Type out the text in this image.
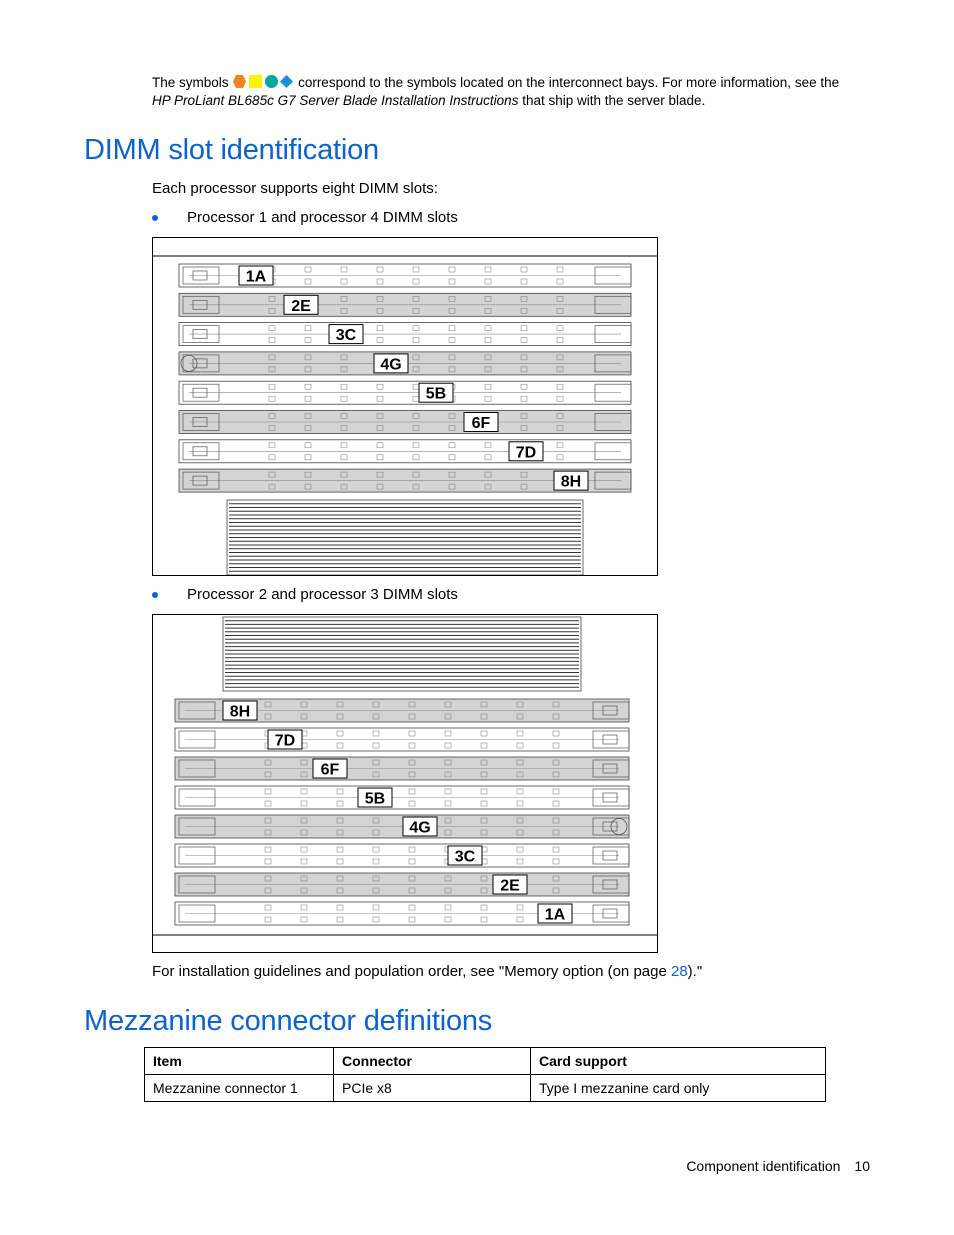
The symbols	correspond to the symbols located on the interconnect bays. For more information, see the
HP ProLiant BL685c G7 Server Blade Installation Instructions that ship with the server blade.
DIMM slot identification
Each processor supports eight DIMM slots:
Processor 1 and processor 4 DIMM slots
1A
2E
3C
4G
5B
6F
7D
8H
Processor 2 and processor 3 DIMM slots
8H
7D
6F
5B
4G
3C
2E
1A
For installation guidelines and population order, see "Memory option (on page 28)."
Mezzanine connector definitions
Item	Connector	Card support
Mezzanine connector 1	PCIe x8	Type I mezzanine card only
Component identification 10
